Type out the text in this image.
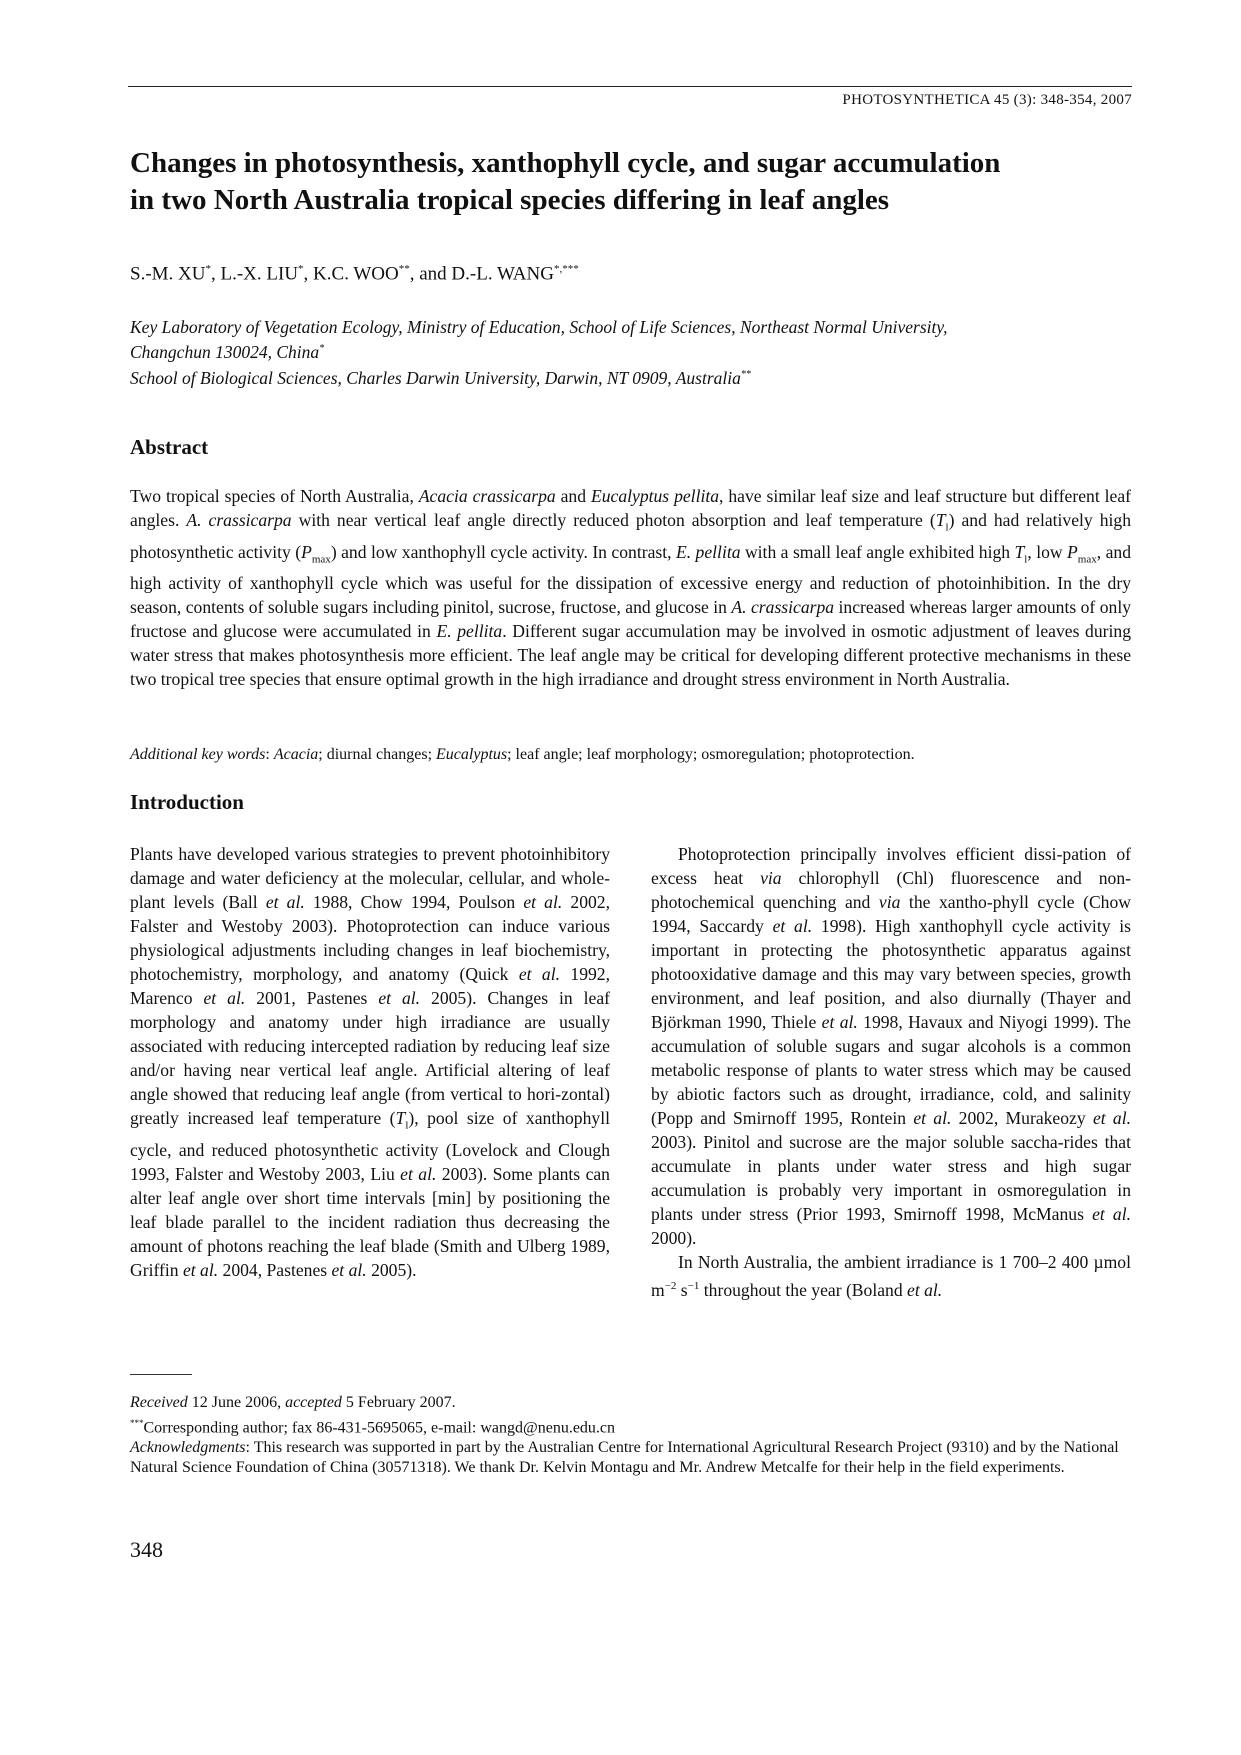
PHOTOSYNTHETICA 45 (3): 348-354, 2007
Changes in photosynthesis, xanthophyll cycle, and sugar accumulation
in two North Australia tropical species differing in leaf angles
S.-M. XU*, L.-X. LIU*, K.C. WOO**, and D.-L. WANG*,***
Key Laboratory of Vegetation Ecology, Ministry of Education, School of Life Sciences, Northeast Normal University,
Changchun 130024, China*
School of Biological Sciences, Charles Darwin University, Darwin, NT 0909, Australia**
Abstract

Two tropical species of North Australia, Acacia crassicarpa and Eucalyptus pellita, have similar leaf size and leaf structure but different leaf angles. A. crassicarpa with near vertical leaf angle directly reduced photon absorption and leaf temperature $(T_l)$ and had relatively high photosynthetic activity $(P_{max})$ and low xanthophyll cycle activity. In contrast, E. pellita with a small leaf angle exhibited high $T_l$, low $P_{max}$, and high activity of xanthophyll cycle which was useful for the dissipation of excessive energy and reduction of photoinhibition. In the dry season, contents of soluble sugars including pinitol, sucrose, fructose, and glucose in A. crassicarpa increased whereas larger amounts of only fructose and glucose were accumulated in E. pellita. Different sugar accumulation may be involved in osmotic adjustment of leaves during water stress that makes photosynthesis more efficient. The leaf angle may be critical for developing different protective mechanisms in these two tropical tree species that ensure optimal growth in the high irradiance and drought stress environment in North Australia.

Additional key words: Acacia; diurnal changes; Eucalyptus; leaf angle; leaf morphology; osmoregulation; photoprotection.

Introduction

Plants have developed various strategies to prevent photoinhibitory damage and water deficiency at the molecular, cellular, and whole-plant levels (Ball et al. 1988, Chow 1994, Poulson et al. 2002, Falster and Westoby 2003). Photoprotection can induce various physiological adjustments including changes in leaf biochemistry, photochemistry, morphology, and anatomy (Quick et al. 1992, Marenco et al. 2001, Pastenes et al. 2005). Changes in leaf morphology and anatomy under high irradiance are usually associated with reducing intercepted radiation by reducing leaf size and/or having near vertical leaf angle. Artificial altering of leaf angle showed that reducing leaf angle (from vertical to hori-zontal) greatly increased leaf temperature $(T_l)$, pool size of xanthophyll cycle, and reduced photosynthetic activity (Lovelock and Clough 1993, Falster and Westoby 2003, Liu et al. 2003). Some plants can alter leaf angle over short time intervals [min] by positioning the leaf blade parallel to the incident radiation thus decreasing the amount of photons reaching the leaf blade (Smith and Ulberg 1989, Griffin et al. 2004, Pastenes et al. 2005).

Photoprotection principally involves efficient dissi-pation of excess heat via chlorophyll (Chl) fluorescence and non-photochemical quenching and via the xantho-phyll cycle (Chow 1994, Saccardy et al. 1998). High xanthophyll cycle activity is important in protecting the photosynthetic apparatus against photooxidative damage and this may vary between species, growth environment, and leaf position, and also diurnally (Thayer and Björkman 1990, Thiele et al. 1998, Havaux and Niyogi 1999). The accumulation of soluble sugars and sugar alcohols is a common metabolic response of plants to water stress which may be caused by abiotic factors such as drought, irradiance, cold, and salinity (Popp and Smirnoff 1995, Rontein et al. 2002, Murakeozy et al. 2003). Pinitol and sucrose are the major soluble saccha-rides that accumulate in plants under water stress and high sugar accumulation is probably very important in osmoregulation in plants under stress (Prior 1993, Smirnoff 1998, McManus et al. 2000).

In North Australia, the ambient irradiance is 1 700–2 400 µmol $m^{-2}$ $s^{-1}$ throughout the year (Boland et al.

Received 12 June 2006, accepted 5 February 2007.

***Corresponding author; fax 86-431-5695065, e-mail: wangd@nenu.edu.cn

Acknowledgments: This research was supported in part by the Australian Centre for International Agricultural Research Project (9310) and by the National Natural Science Foundation of China (30571318). We thank Dr. Kelvin Montagu and Mr. Andrew Metcalfe for their help in the field experiments.

348
